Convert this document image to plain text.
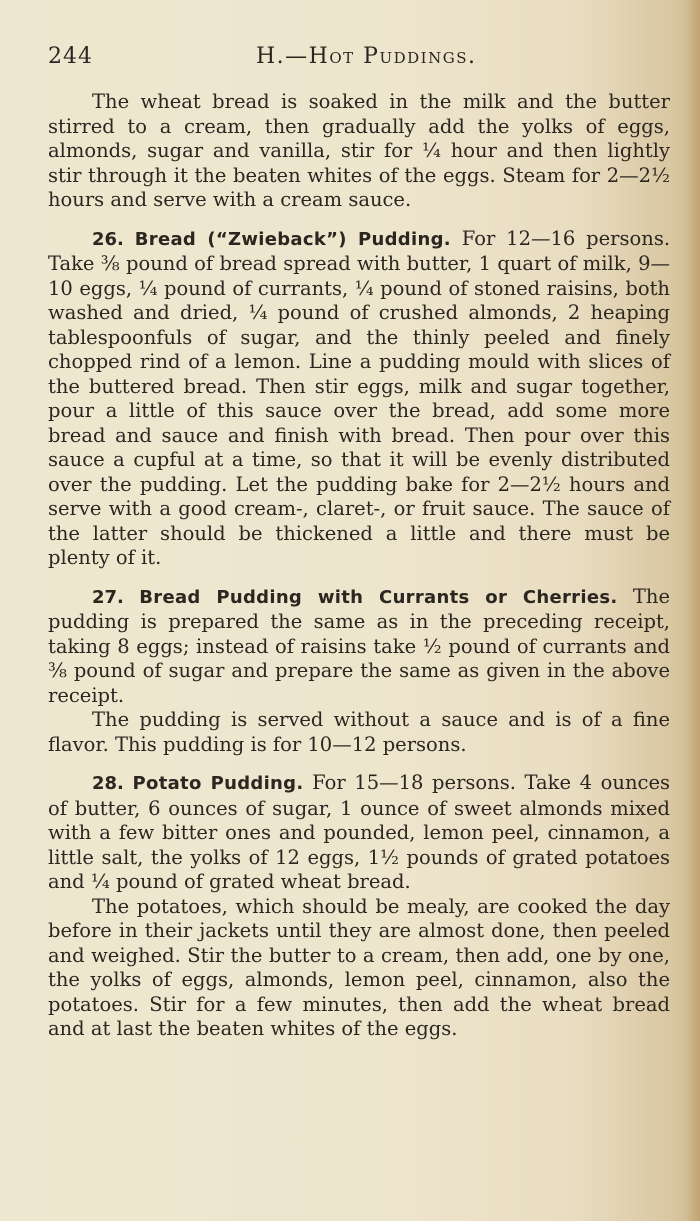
244	H.—Hot Puddings.

The wheat bread is soaked in the milk and the butter stirred to a cream, then gradually add the yolks of eggs, almonds, sugar and vanilla, stir for ¼ hour and then lightly stir through it the beaten whites of the eggs. Steam for 2—2½ hours and serve with a cream sauce.

26. Bread (“Zwieback”) Pudding. For 12—16 persons. Take ⅜ pound of bread spread with butter, 1 quart of milk, 9—10 eggs, ¼ pound of currants, ¼ pound of stoned raisins, both washed and dried, ¼ pound of crushed almonds, 2 heaping tablespoonfuls of sugar, and the thinly peeled and finely chopped rind of a lemon. Line a pudding mould with slices of the buttered bread. Then stir eggs, milk and sugar together, pour a little of this sauce over the bread, add some more bread and sauce and finish with bread. Then pour over this sauce a cupful at a time, so that it will be evenly distributed over the pudding. Let the pudding bake for 2—2½ hours and serve with a good cream-, claret-, or fruit sauce. The sauce of the latter should be thickened a little and there must be plenty of it.

27. Bread Pudding with Currants or Cherries. The pudding is prepared the same as in the preceding receipt, taking 8 eggs; instead of raisins take ½ pound of currants and ⅜ pound of sugar and prepare the same as given in the above receipt.

The pudding is served without a sauce and is of a fine flavor. This pudding is for 10—12 persons.

28. Potato Pudding. For 15—18 persons. Take 4 ounces of butter, 6 ounces of sugar, 1 ounce of sweet almonds mixed with a few bitter ones and pounded, lemon peel, cinnamon, a little salt, the yolks of 12 eggs, 1½ pounds of grated potatoes and ¼ pound of grated wheat bread.

The potatoes, which should be mealy, are cooked the day before in their jackets until they are almost done, then peeled and weighed. Stir the butter to a cream, then add, one by one, the yolks of eggs, almonds, lemon peel, cinnamon, also the potatoes. Stir for a few minutes, then add the wheat bread and at last the beaten whites of the eggs.
